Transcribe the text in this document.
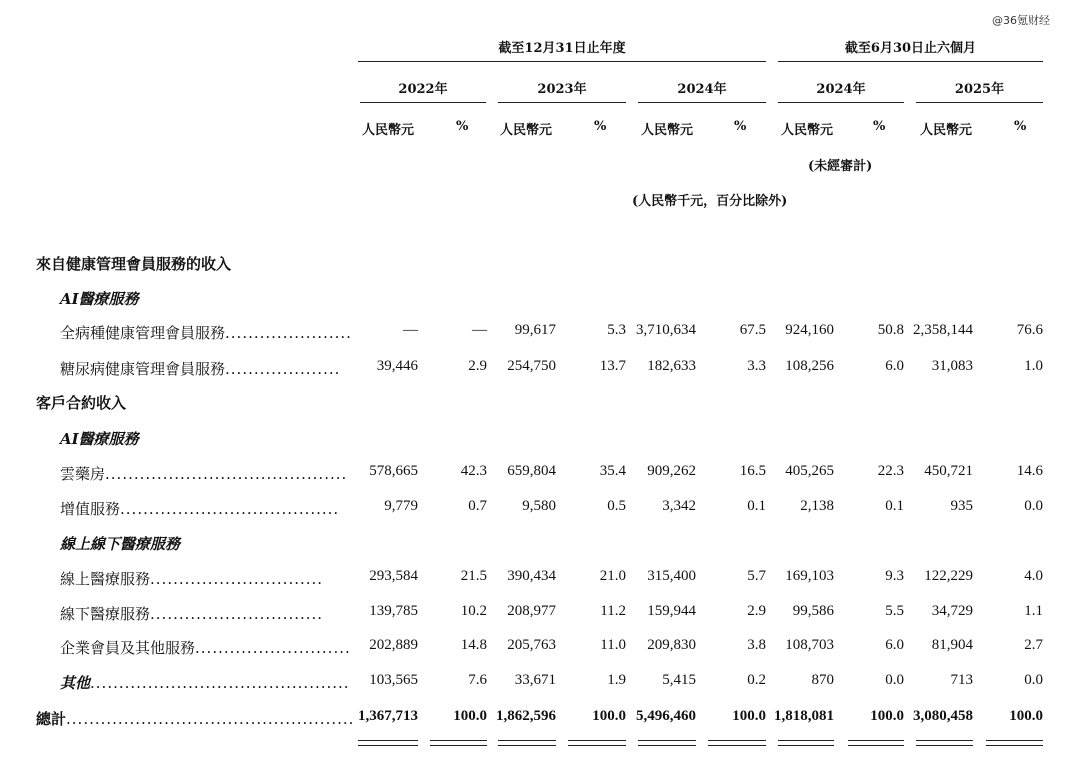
@36氪财经
截至12月31日止年度	截至6月30日止六個月
2022年	2023年	2024年	2024年	2025年
人民幣元	% 人民幣元	%	人民幣元	%	人民幣元	%	人民幣元	%
(未經審計)
(人民幣千元，百分比除外)
來自健康管理會員服務的收入
AI醫療服務
全病種健康管理會員服務......................	—	—	99,617	5.3 3,710,634	67.5	924,160	50.8 2,358,144	76.6
糖尿病健康管理會員服務....................	39,446	2.9	254,750	13.7	182,633	3.3	108,256	6.0	31,083	1.0
客戶合約收入
AI醫療服務
雲藥房..........................................	578,665	42.3	659,804	35.4	909,262	16.5	405,265	22.3	450,721	14.6
增值服務......................................	9,779	0.7	9,580	0.5	3,342	0.1	2,138	0.1	935	0.0
線上線下醫療服務
線上醫療服務..............................	293,584	21.5	390,434	21.0	315,400	5.7	169,103	9.3	122,229	4.0
線下醫療服務..............................	139,785	10.2	208,977	11.2	159,944	2.9	99,586	5.5	34,729	1.1
企業會員及其他服務...........................	202,889	14.8	205,763	11.0	209,830	3.8	108,703	6.0	81,904	2.7
其他.............................................	103,565	7.6	33,671	1.9	5,415	0.2	870	0.0	713	0.0
總計.................................................. 1,367,713	100.0 1,862,596	100.0 5,496,460	100.0 1,818,081	100.0 3,080,458	100.0
